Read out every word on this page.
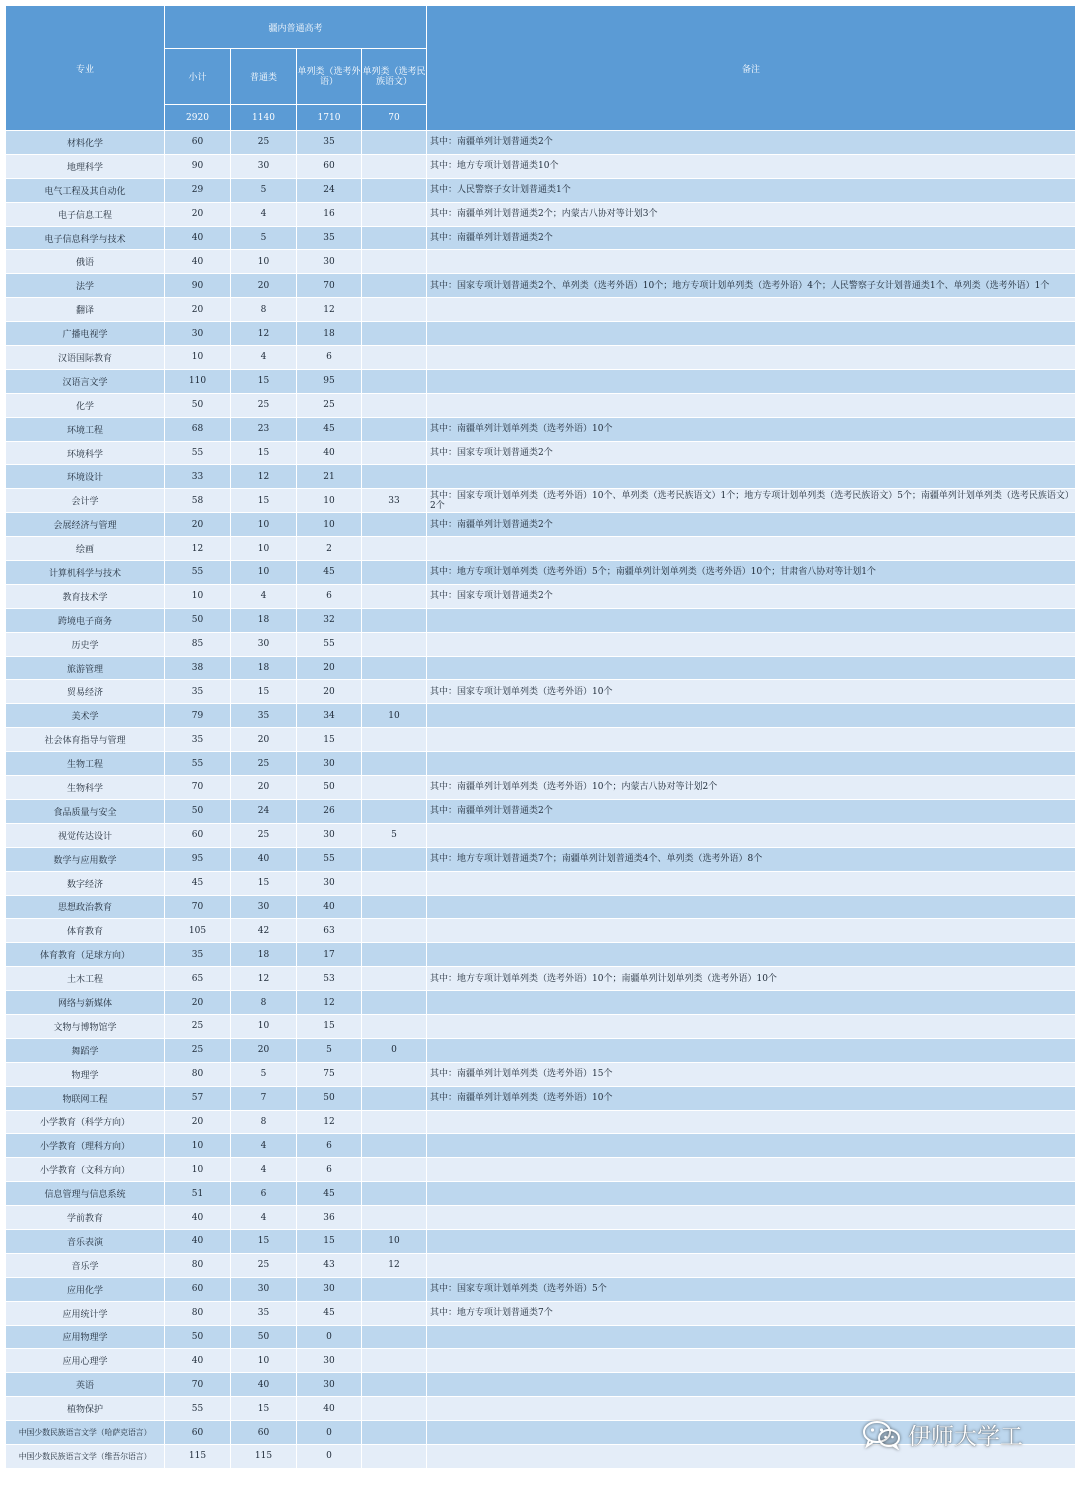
专业	疆内普通高考				备注
	小计	普通类	单列类（选考外语）	单列类（选考民族语文）	
	2920	1140	1710	70	
材料化学	60	25	35		其中：南疆单列计划普通类2个
地理科学	90	30	60		其中：地方专项计划普通类10个
电气工程及其自动化	29	5	24		其中：人民警察子女计划普通类1个
电子信息工程	20	4	16		其中：南疆单列计划普通类2个；内蒙古八协对等计划3个
电子信息科学与技术	40	5	35		其中：南疆单列计划普通类2个
俄语	40	10	30		
法学	90	20	70		其中：国家专项计划普通类2个、单列类（选考外语）10个；地方专项计划单列类（选考外语）4个；人民警察子女计划普通类1个、单列类（选考外语）1个
翻译	20	8	12		
广播电视学	30	12	18		
汉语国际教育	10	4	6		
汉语言文学	110	15	95		
化学	50	25	25		
环境工程	68	23	45		其中：南疆单列计划单列类（选考外语）10个
环境科学	55	15	40		其中：国家专项计划普通类2个
环境设计	33	12	21		
会计学	58	15	10	33	其中：国家专项计划单列类（选考外语）10个、单列类（选考民族语文）1个；地方专项计划单列类（选考民族语文）5个；南疆单列计划单列类（选考民族语文）2个
会展经济与管理	20	10	10		其中：南疆单列计划普通类2个
绘画	12	10	2		
计算机科学与技术	55	10	45		其中：地方专项计划单列类（选考外语）5个；南疆单列计划单列类（选考外语）10个；甘肃省八协对等计划1个
教育技术学	10	4	6		其中：国家专项计划普通类2个
跨境电子商务	50	18	32		
历史学	85	30	55		
旅游管理	38	18	20		
贸易经济	35	15	20		其中：国家专项计划单列类（选考外语）10个
美术学	79	35	34	10	
社会体育指导与管理	35	20	15		
生物工程	55	25	30		
生物科学	70	20	50		其中：南疆单列计划单列类（选考外语）10个；内蒙古八协对等计划2个
食品质量与安全	50	24	26		其中：南疆单列计划普通类2个
视觉传达设计	60	25	30	5	
数学与应用数学	95	40	55		其中：地方专项计划普通类7个；南疆单列计划普通类4个、单列类（选考外语）8个
数字经济	45	15	30		
思想政治教育	70	30	40		
体育教育	105	42	63		
体育教育（足球方向）	35	18	17		
土木工程	65	12	53		其中：地方专项计划单列类（选考外语）10个；南疆单列计划单列类（选考外语）10个
网络与新媒体	20	8	12		
文物与博物馆学	25	10	15		
舞蹈学	25	20	5	0	
物理学	80	5	75		其中：南疆单列计划单列类（选考外语）15个
物联网工程	57	7	50		其中：南疆单列计划单列类（选考外语）10个
小学教育（科学方向）	20	8	12		
小学教育（理科方向）	10	4	6		
小学教育（文科方向）	10	4	6		
信息管理与信息系统	51	6	45		
学前教育	40	4	36		
音乐表演	40	15	15	10	
音乐学	80	25	43	12	
应用化学	60	30	30		其中：国家专项计划单列类（选考外语）5个
应用统计学	80	35	45		其中：地方专项计划普通类7个
应用物理学	50	50	0		
应用心理学	40	10	30		
英语	70	40	30		
植物保护	55	15	40		
中国少数民族语言文学（哈萨克语言）	60	60	0		
中国少数民族语言文学（维吾尔语言）	115	115	0		
伊师大学工
